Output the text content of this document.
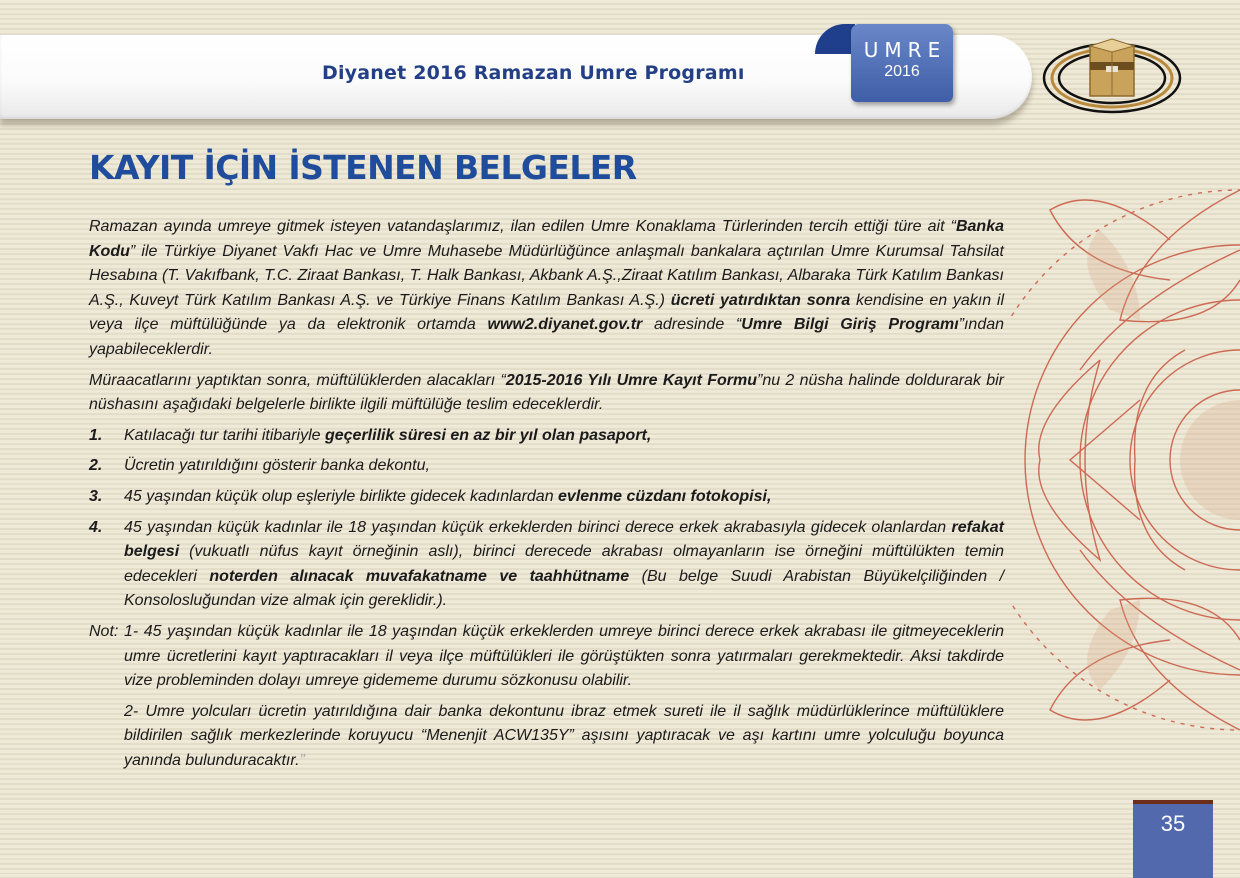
Diyanet 2016 Ramazan Umre Programı
UMRE
2016
KAYIT İÇİN İSTENEN BELGELER

Ramazan ayında umreye gitmek isteyen vatandaşlarımız, ilan edilen Umre Konaklama Türlerinden tercih ettiği türe ait “Banka Kodu” ile Türkiye Diyanet Vakfı Hac ve Umre Muhasebe Müdürlüğünce anlaşmalı bankalara açtırılan Umre Kurumsal Tahsilat Hesabına (T. Vakıfbank, T.C. Ziraat Bankası, T. Halk Bankası, Akbank A.Ş.,Ziraat Katılım Bankası, Albaraka Türk Katılım Bankası A.Ş., Kuveyt Türk Katılım Bankası A.Ş. ve Türkiye Finans Katılım Bankası A.Ş.) ücreti yatırdıktan sonra kendisine en yakın il veya ilçe müftülüğünde ya da elektronik ortamda www2.diyanet.gov.tr adresinde “Umre Bilgi Giriş Programı”ından yapabileceklerdir.

Müraacatlarını yaptıktan sonra, müftülüklerden alacakları “2015-2016 Yılı Umre Kayıt Formu”nu 2 nüsha halinde doldurarak bir nüshasını aşağıdaki belgelerle birlikte ilgili müftülüğe teslim edeceklerdir.

1. Katılacağı tur tarihi itibariyle geçerlilik süresi en az bir yıl olan pasaport,
2. Ücretin yatırıldığını gösterir banka dekontu,
3. 45 yaşından küçük olup eşleriyle birlikte gidecek kadınlardan evlenme cüzdanı fotokopisi,
4. 45 yaşından küçük kadınlar ile 18 yaşından küçük erkeklerden birinci derece erkek akrabasıyla gidecek olanlardan refakat belgesi (vukuatlı nüfus kayıt örneğinin aslı), birinci derecede akrabası olmayanların ise örneğini müftülükten temin edecekleri noterden alınacak muvafakatname ve taahhütname (Bu belge Suudi Arabistan Büyükelçiliğinden / Konsolosluğundan vize almak için gereklidir.).
Not: 1- 45 yaşından küçük kadınlar ile 18 yaşından küçük erkeklerden umreye birinci derece erkek akrabası ile gitmeyeceklerin umre ücretlerini kayıt yaptıracakları il veya ilçe müftülükleri ile görüştükten sonra yatırmaları gerekmektedir. Aksi takdirde vize probleminden dolayı umreye gidememe durumu sözkonusu olabilir.
2- Umre yolcuları ücretin yatırıldığına dair banka dekontunu ibraz etmek sureti ile il sağlık müdürlüklerince müftülüklere bildirilen sağlık merkezlerinde koruyucu “Menenjit ACW135Y” aşısını yaptıracak ve aşı kartını umre yolculuğu boyunca yanında bulunduracaktır.”
35
